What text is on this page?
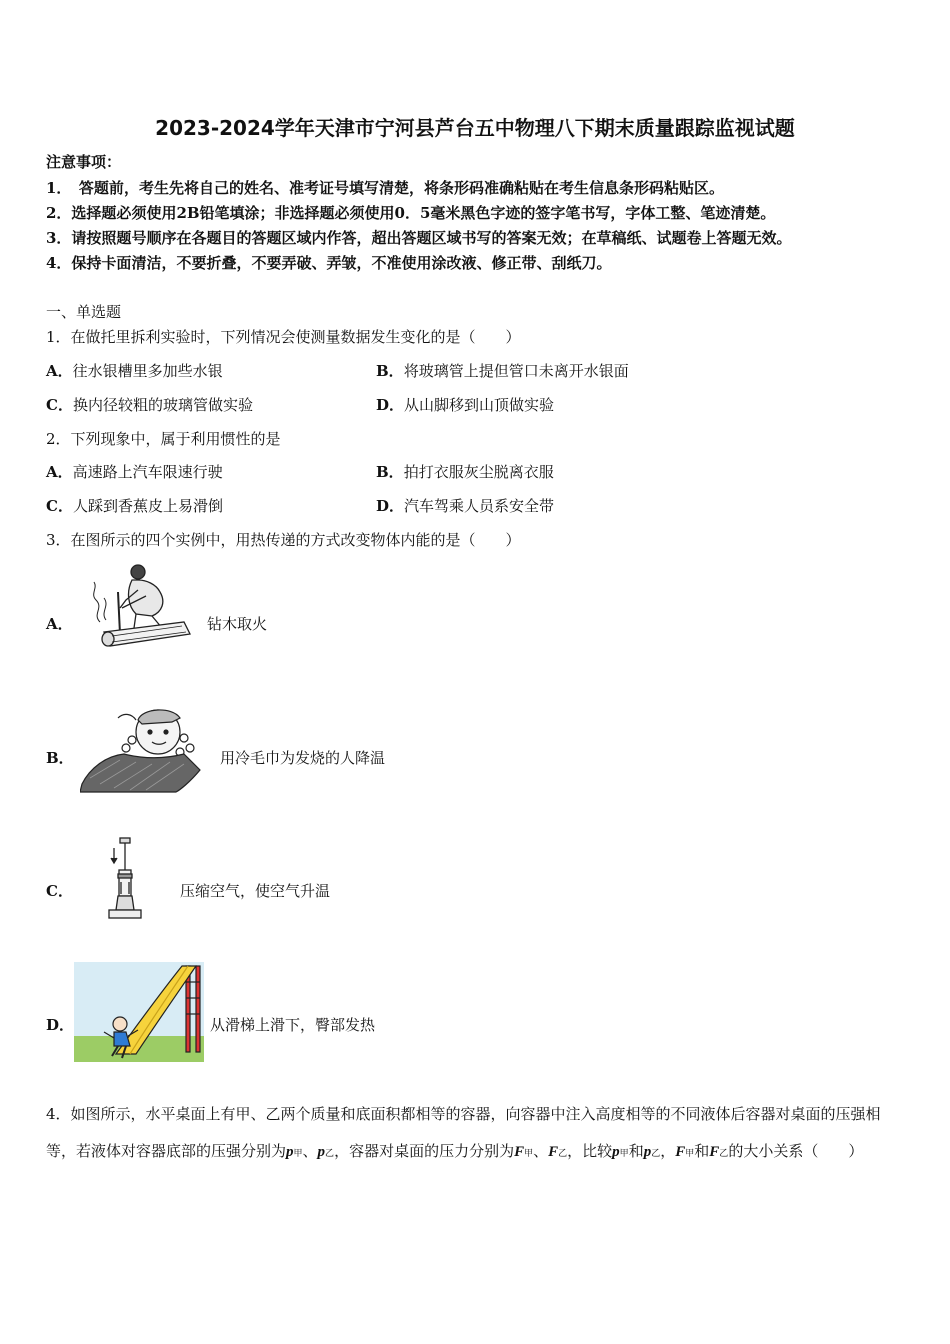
2023-2024学年天津市宁河县芦台五中物理八下期末质量跟踪监视试题
注意事项：
1．　答题前，考生先将自己的姓名、准考证号填写清楚，将条形码准确粘贴在考生信息条形码粘贴区。
2．选择题必须使用2B铅笔填涂；非选择题必须使用0．5毫米黑色字迹的签字笔书写，字体工整、笔迹清楚。
3．请按照题号顺序在各题目的答题区域内作答，超出答题区域书写的答案无效；在草稿纸、试题卷上答题无效。
4．保持卡面清洁，不要折叠，不要弄破、弄皱，不准使用涂改液、修正带、刮纸刀。
一、单选题
1．在做托里拆利实验时，下列情况会使测量数据发生变化的是（　　）
A．往水银槽里多加些水银	B．将玻璃管上提但管口未离开水银面
C．换内径较粗的玻璃管做实验	D．从山脚移到山顶做实验
2．下列现象中，属于利用惯性的是
A．高速路上汽车限速行驶	B．拍打衣服灰尘脱离衣服
C．人踩到香蕉皮上易滑倒	D．汽车驾乘人员系安全带
3．在图所示的四个实例中，用热传递的方式改变物体内能的是（　　）
A．	钻木取火
B．	用冷毛巾为发烧的人降温
C．	压缩空气，使空气升温
D．	从滑梯上滑下，臀部发热
4．如图所示，水平桌面上有甲、乙两个质量和底面积都相等的容器，向容器中注入高度相等的不同液体后容器对桌面的压强相等，若液体对容器底部的压强分别为p甲、p乙，容器对桌面的压力分别为F甲、F乙，比较p甲和p乙，F甲和F乙的大小关系（　　）
